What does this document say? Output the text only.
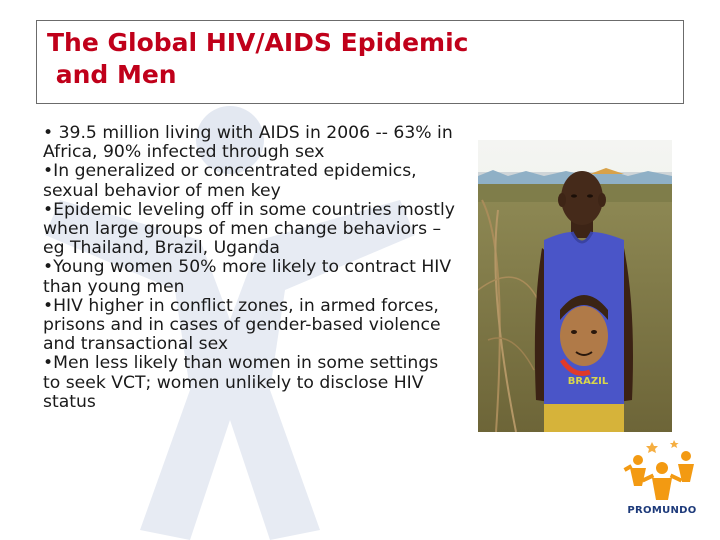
The Global HIV/AIDS Epidemic
and Men
• 39.5 million living with AIDS in 2006 -- 63% in Africa, 90% infected through sex
•In generalized or concentrated epidemics, sexual behavior of men key
•Epidemic leveling off in some countries mostly when large groups of men change behaviors – eg Thailand, Brazil, Uganda
•Young women 50% more likely to contract HIV than young men
•HIV higher in conflict zones, in armed forces, prisons and in cases of gender-based violence and transactional sex
•Men less likely than women in some settings to seek VCT; women unlikely to disclose HIV status
BRAZIL
PROMUNDO
